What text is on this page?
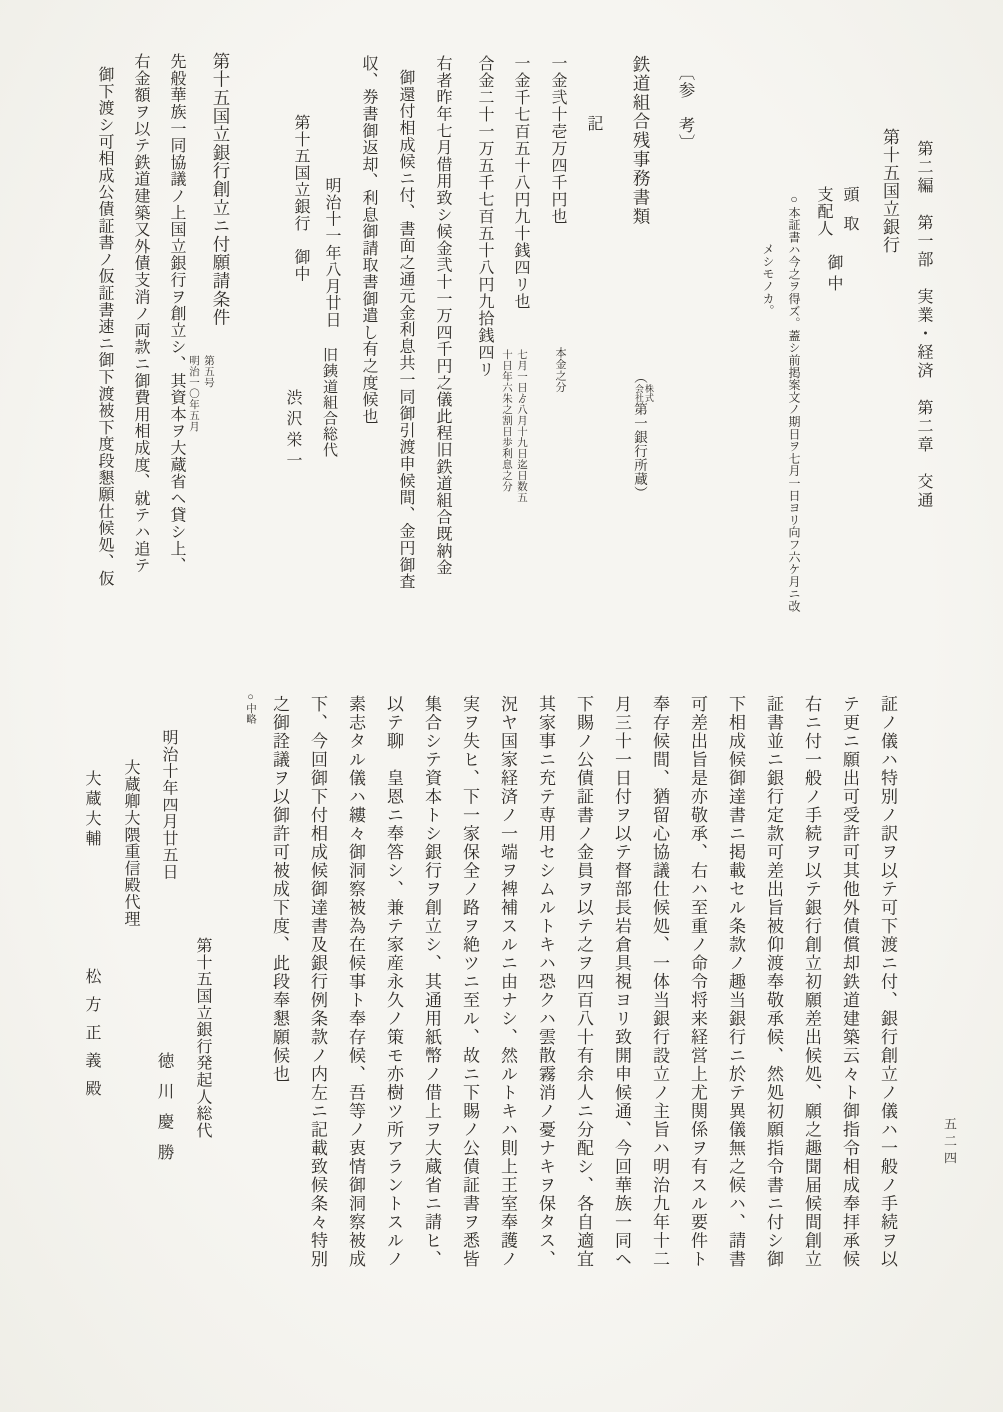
第二編　第一部　実業・経済　第二章　交通
五二四
第十五国立銀行
頭取
支配人
御中
○本証書ハ今之ヲ得ズ。蓋シ前掲案文ノ期日ヲ七月一日ヨリ向フ六ケ月ニ改
メシモノカ。
〔参　考〕
鉄道組合残事務書類
（
株式
会社
第一銀行所蔵）
記
一金弐十壱万四千円也
本金之分
一金千七百五十八円九十銭四リ也
七月一日ゟ八月十九日迄日数五
十日年六朱之割日歩利息之分
合金二十一万五千七百五十八円九拾銭四リ
右者昨年七月借用致シ候金弐十一万四千円之儀此程旧鉄道組合既納金
御還付相成候ニ付、書面之通元金利息共一同御引渡申候間、金円御査
収、券書御返却、利息御請取書御遣し有之度候也
明治十一年八月廿日
旧銕道組合総代
渋沢栄一
第十五国立銀行　御中
第十五国立銀行創立ニ付願請条件
第五号
明治一〇年五月
先般華族一同協議ノ上国立銀行ヲ創立シ、其資本ヲ大蔵省ヘ貸シ上、
右金額ヲ以テ鉄道建築又外債支消ノ両款ニ御費用相成度、就テハ追テ
御下渡シ可相成公債証書ノ仮証書速ニ御下渡被下度段懇願仕候処、仮
証ノ儀ハ特別ノ訳ヲ以テ可下渡ニ付、銀行創立ノ儀ハ一般ノ手続ヲ以
テ更ニ願出可受許可其他外債償却鉄道建築云々ト御指令相成奉拝承候
右ニ付一般ノ手続ヲ以テ銀行創立初願差出候処、願之趣聞届候間創立
証書並ニ銀行定款可差出旨被仰渡奉敬承候、然処初願指令書ニ付シ御
下相成候御達書ニ掲載セル条款ノ趣当銀行ニ於テ異儀無之候ハ、請書
可差出旨是亦敬承、右ハ至重ノ命令将来経営上尤関係ヲ有スル要件ト
奉存候間、猶留心協議仕候処、一体当銀行設立ノ主旨ハ明治九年十二
月三十一日付ヲ以テ督部長岩倉具視ヨリ致開申候通、今回華族一同ヘ
下賜ノ公債証書ノ金員ヲ以テ之ヲ四百八十有余人ニ分配シ、各自適宜
其家事ニ充テ専用セシムルトキハ恐クハ雲散霧消ノ憂ナキヲ保タス、
況ヤ国家経済ノ一端ヲ裨補スルニ由ナシ、然ルトキハ則上王室奉護ノ
実ヲ失ヒ、下一家保全ノ路ヲ絶ツニ至ル、故ニ下賜ノ公債証書ヲ悉皆
集合シテ資本トシ銀行ヲ創立シ、其通用紙幣ノ借上ヲ大蔵省ニ請ヒ、
以テ聊　皇恩ニ奉答シ、兼テ家産永久ノ策モ亦樹ツ所アラントスルノ
素志タル儀ハ縷々御洞察被為在候事ト奉存候、吾等ノ衷情御洞察被成
下、今回御下付相成候御達書及銀行例条款ノ内左ニ記載致候条々特別
之御詮議ヲ以御許可被成下度、此段奉懇願候也
○中略
明治十年四月廿五日
大蔵卿大隈重信殿代理
大蔵大輔松方正義殿	第十五国立銀行発起人総代
徳川慶勝
